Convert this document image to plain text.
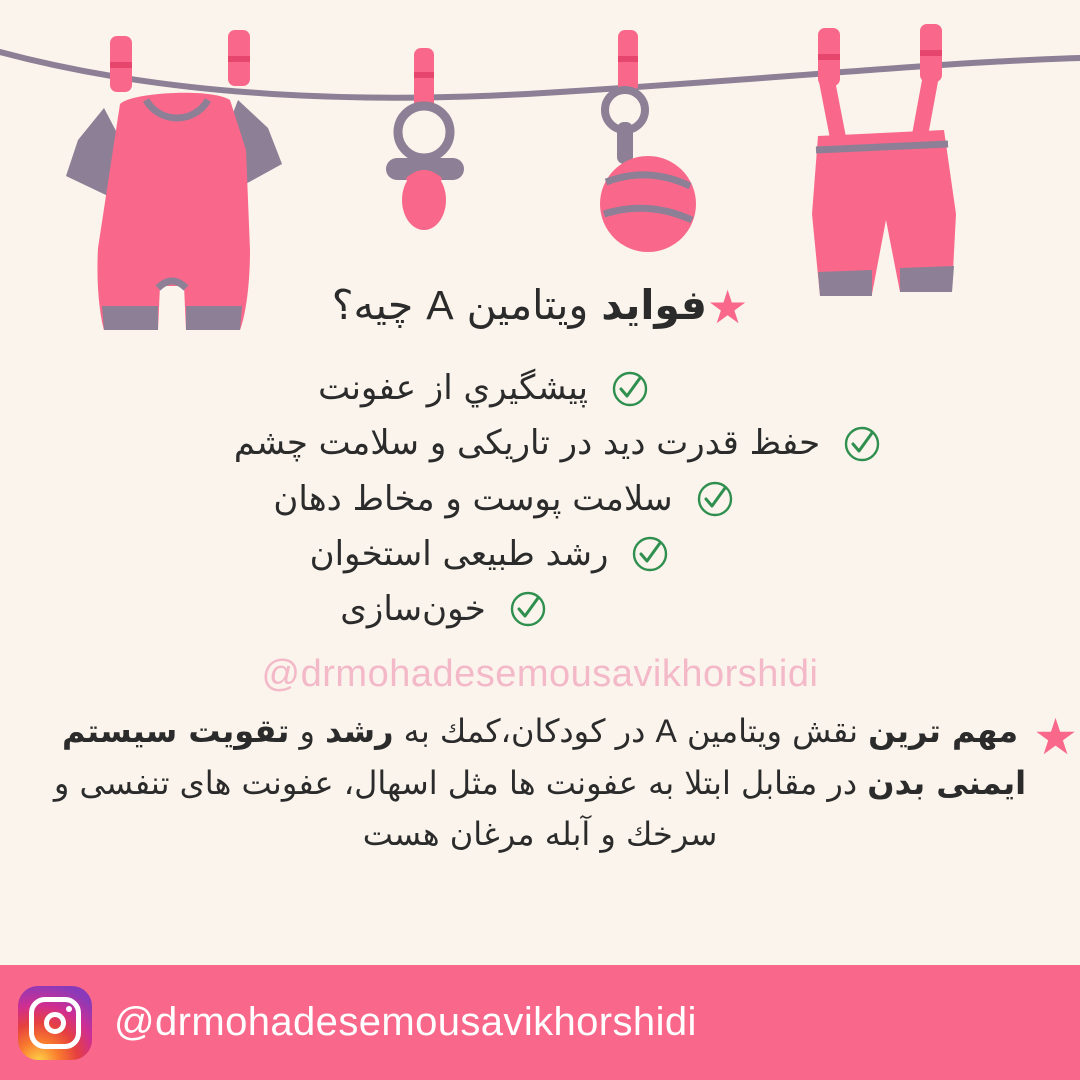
★فواید ویتامین A چیه؟
پیشگیري از عفونت
حفظ قدرت دید در تاریکی و سلامت چشم
سلامت پوست و مخاط دهان
رشد طبیعی استخوان
خون‌سازی
@drmohadesemousavikhorshidi
★
مهم ترین نقش ویتامین A در کودکان،كمك به رشد و تقویت سیستم ایمنی بدن در مقابل ابتلا به عفونت ها مثل اسهال، عفونت های تنفسی و سرخك و آبله مرغان هست
@drmohadesemousavikhorshidi
